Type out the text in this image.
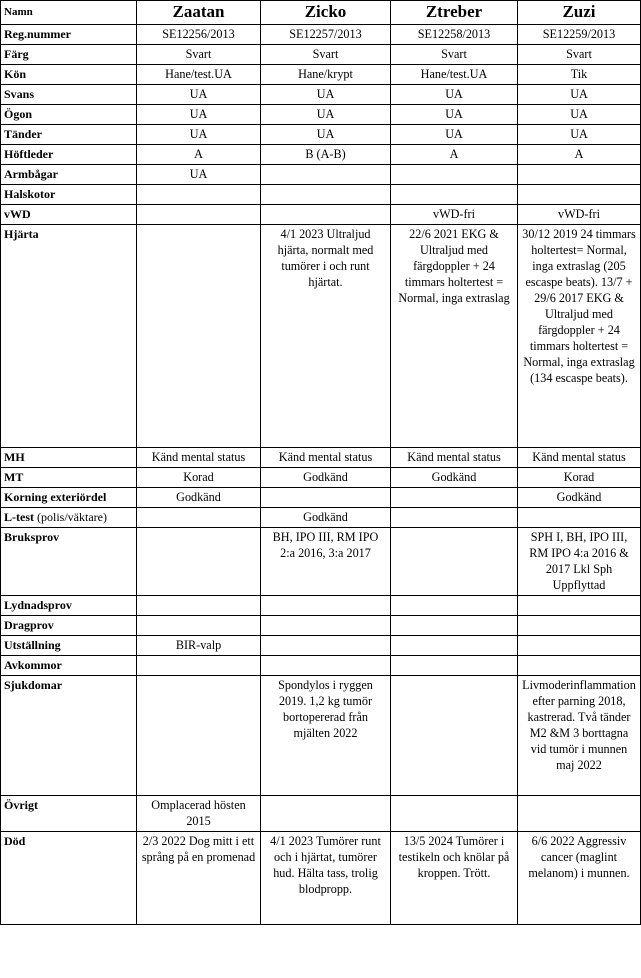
Namn	Zaatan	Zicko	Ztreber	Zuzi
Reg.nummer	SE12256/2013	SE12257/2013	SE12258/2013	SE12259/2013
Färg	Svart	Svart	Svart	Svart
Kön	Hane/test.UA	Hane/krypt	Hane/test.UA	Tik
Svans	UA	UA	UA	UA
Ögon	UA	UA	UA	UA
Tänder	UA	UA	UA	UA
Höftleder	A	B (A-B)	A	A
Armbågar	UA			
Halskotor				
vWD			vWD-fri	vWD-fri
Hjärta		4/1 2023 Ultraljud hjärta, normalt med tumörer i och runt hjärtat.	22/6 2021 EKG & Ultraljud med färgdoppler + 24 timmars holtertest = Normal, inga extraslag	30/12 2019 24 timmars holtertest= Normal, inga extraslag (205 escaspe beats). 13/7 + 29/6 2017 EKG & Ultraljud med färgdoppler + 24 timmars holtertest = Normal, inga extraslag (134 escaspe beats).
MH	Känd mental status	Känd mental status	Känd mental status	Känd mental status
MT	Korad	Godkänd	Godkänd	Korad
Korning exteriördel	Godkänd			Godkänd
L-test (polis/väktare)		Godkänd		
Bruksprov		BH, IPO III, RM IPO 2:a 2016, 3:a 2017		SPH I, BH, IPO III, RM IPO 4:a 2016 & 2017 Lkl Sph Uppflyttad
Lydnadsprov				
Dragprov				
Utställning	BIR-valp			
Avkommor				
Sjukdomar		Spondylos i ryggen 2019. 1,2 kg tumör bortopererad från mjälten 2022		Livmoderinflammation efter parning 2018, kastrerad. Två tänder M2 &M 3 borttagna vid tumör i munnen maj 2022
Övrigt	Omplacerad hösten 2015			
Död	2/3 2022 Dog mitt i ett språng på en promenad	4/1 2023 Tumörer runt och i hjärtat, tumörer hud. Hälta tass, trolig blodpropp.	13/5 2024 Tumörer i testikeln och knölar på kroppen. Trött.	6/6 2022 Aggressiv cancer (maglint melanom) i munnen.
